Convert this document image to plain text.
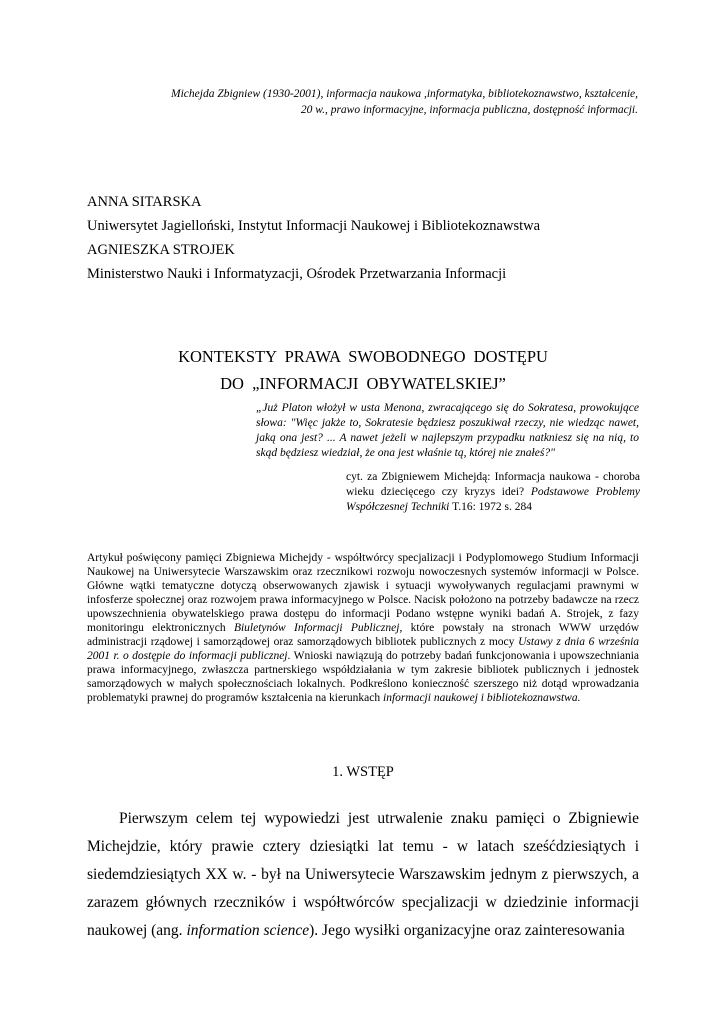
Michejda Zbigniew (1930-2001), informacja naukowa ,informatyka, bibliotekoznawstwo, kształcenie,
20 w., prawo informacyjne, informacja publiczna, dostępność informacji.
ANNA SITARSKA
Uniwersytet Jagielloński, Instytut Informacji Naukowej i Bibliotekoznawstwa
AGNIESZKA STROJEK
Ministerstwo Nauki i Informatyzacji, Ośrodek Przetwarzania Informacji
KONTEKSTY PRAWA SWOBODNEGO DOSTĘPU
DO „INFORMACJI OBYWATELSKIEJ”
„Już Platon włożył w usta Menona, zwracającego się do Sokratesa, prowokujące słowa: "Więc jakże to, Sokratesie będziesz poszukiwał rzeczy, nie wiedząc nawet, jaką ona jest? ... A nawet jeżeli w najlepszym przypadku natkniesz się na nią, to skąd będziesz wiedział, że ona jest właśnie tą, której nie znałeś?"
cyt. za Zbigniewem Michejdą: Informacja naukowa - choroba wieku dziecięcego czy kryzys idei? Podstawowe Problemy Współczesnej Techniki T.16: 1972 s. 284
Artykuł poświęcony pamięci Zbigniewa Michejdy - współtwórcy specjalizacji i Podyplomowego Studium Informacji Naukowej na Uniwersytecie Warszawskim oraz rzecznikowi rozwoju nowoczesnych systemów informacji w Polsce. Główne wątki tematyczne dotyczą obserwowanych zjawisk i sytuacji wywoływanych regulacjami prawnymi w infosferze społecznej oraz rozwojem prawa informacyjnego w Polsce. Nacisk położono na potrzeby badawcze na rzecz upowszechnienia obywatelskiego prawa dostępu do informacji Podano wstępne wyniki badań A. Strojek, z fazy monitoringu elektronicznych Biuletynów Informacji Publicznej, które powstały na stronach WWW urzędów administracji rządowej i samorządowej oraz samorządowych bibliotek publicznych z mocy Ustawy z dnia 6 września 2001 r. o dostępie do informacji publicznej. Wnioski nawiązują do potrzeby badań funkcjonowania i upowszechniania prawa informacyjnego, zwłaszcza partnerskiego współdziałania w tym zakresie bibliotek publicznych i jednostek samorządowych w małych społecznościach lokalnych. Podkreślono konieczność szerszego niż dotąd wprowadzania problematyki prawnej do programów kształcenia na kierunkach informacji naukowej i bibliotekoznawstwa.
1. WSTĘP
Pierwszym celem tej wypowiedzi jest utrwalenie znaku pamięci o Zbigniewie Michejdzie, który prawie cztery dziesiątki lat temu - w latach sześćdziesiątych i siedemdziesiątych XX w. - był na Uniwersytecie Warszawskim jednym z pierwszych, a zarazem głównych rzeczników i współtwórców specjalizacji w dziedzinie informacji naukowej (ang. information science). Jego wysiłki organizacyjne oraz zainteresowania
